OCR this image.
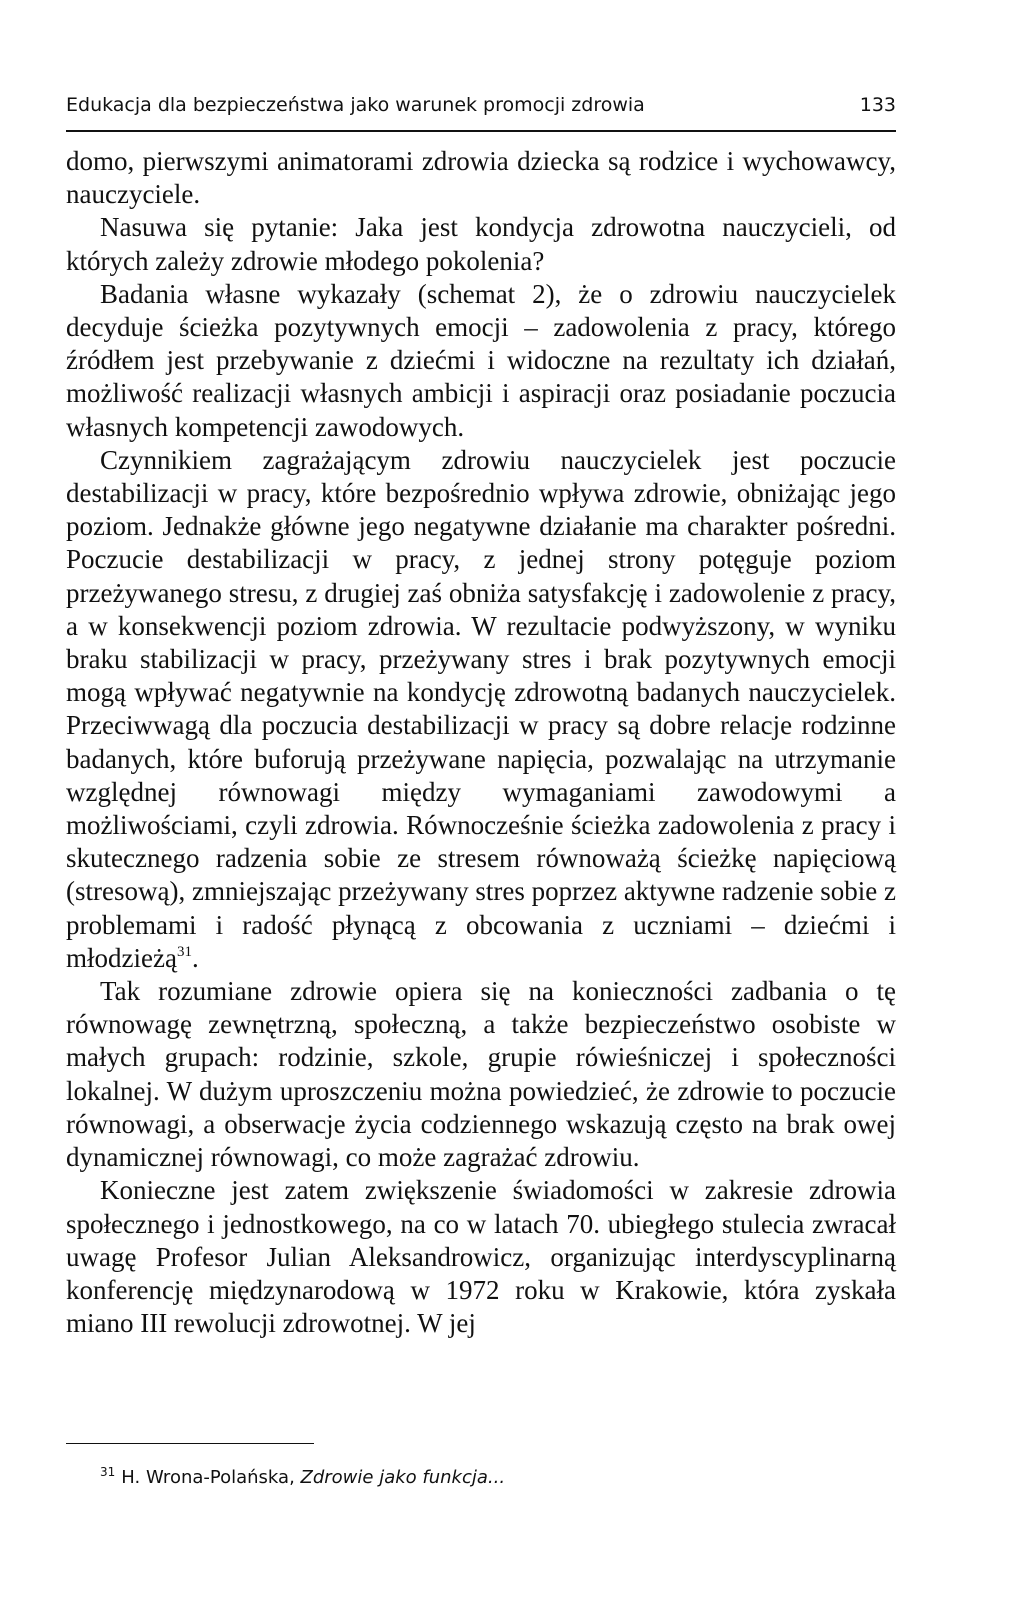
Edukacja dla bezpieczeństwa jako warunek promocji zdrowia	133

domo, pierwszymi animatorami zdrowia dziecka są rodzice i wychowawcy, nauczyciele.

Nasuwa się pytanie: Jaka jest kondycja zdrowotna nauczycieli, od których zależy zdrowie młodego pokolenia?

Badania własne wykazały (schemat 2), że o zdrowiu nauczycielek decyduje ścieżka pozytywnych emocji – zadowolenia z pracy, którego źródłem jest przebywanie z dziećmi i widoczne na rezultaty ich działań, możliwość realizacji własnych ambicji i aspiracji oraz posiadanie poczucia własnych kompetencji zawodowych.

Czynnikiem zagrażającym zdrowiu nauczycielek jest poczucie destabilizacji w pracy, które bezpośrednio wpływa zdrowie, obniżając jego poziom. Jednakże główne jego negatywne działanie ma charakter pośredni. Poczucie destabilizacji w pracy, z jednej strony potęguje poziom przeżywanego stresu, z drugiej zaś obniża satysfakcję i zadowolenie z pracy, a w konsekwencji poziom zdrowia. W rezultacie podwyższony, w wyniku braku stabilizacji w pracy, przeżywany stres i brak pozytywnych emocji mogą wpływać negatywnie na kondycję zdrowotną badanych nauczycielek. Przeciwwagą dla poczucia destabilizacji w pracy są dobre relacje rodzinne badanych, które buforują przeżywane napięcia, pozwalając na utrzymanie względnej równowagi między wymaganiami zawodowymi a możliwościami, czyli zdrowia. Równocześnie ścieżka zadowolenia z pracy i skutecznego radzenia sobie ze stresem równoważą ścieżkę napięciową (stresową), zmniejszając przeżywany stres poprzez aktywne radzenie sobie z problemami i radość płynącą z obcowania z uczniami – dziećmi i młodzieżą$^{31}$.

Tak rozumiane zdrowie opiera się na konieczności zadbania o tę równowagę zewnętrzną, społeczną, a także bezpieczeństwo osobiste w małych grupach: rodzinie, szkole, grupie rówieśniczej i społeczności lokalnej. W dużym uproszczeniu można powiedzieć, że zdrowie to poczucie równowagi, a obserwacje życia codziennego wskazują często na brak owej dynamicznej równowagi, co może zagrażać zdrowiu.

Konieczne jest zatem zwiększenie świadomości w zakresie zdrowia społecznego i jednostkowego, na co w latach 70. ubiegłego stulecia zwracał uwagę Profesor Julian Aleksandrowicz, organizując interdyscyplinarną konferencję międzynarodową w 1972 roku w Krakowie, która zyskała miano III rewolucji zdrowotnej. W jej

$^{31}$ H. Wrona-Polańska, Zdrowie jako funkcja...
